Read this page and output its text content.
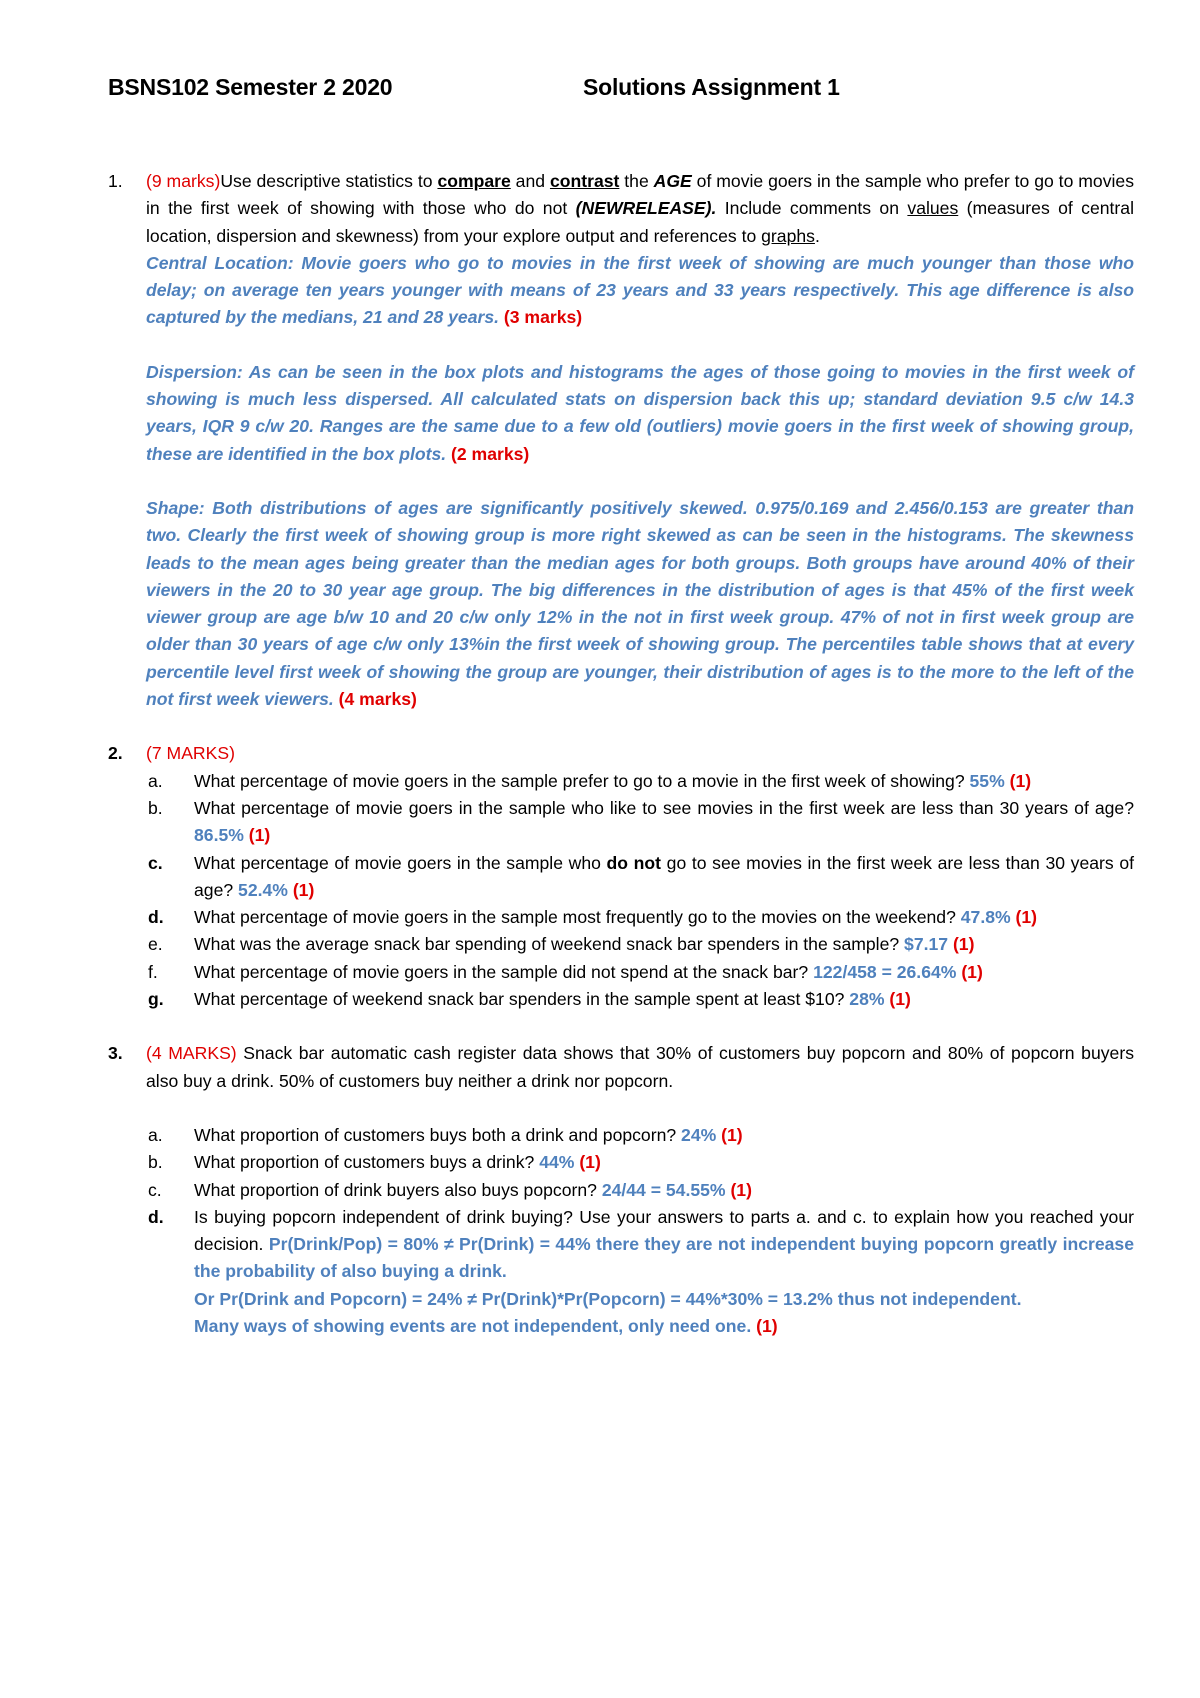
BSNS102 Semester 2 2020	Solutions Assignment 1
1. (9 marks)Use descriptive statistics to compare and contrast the AGE of movie goers in the sample who prefer to go to movies in the first week of showing with those who do not (NEWRELEASE). Include comments on values (measures of central location, dispersion and skewness) from your explore output and references to graphs.

Central Location: Movie goers who go to movies in the first week of showing are much younger than those who delay; on average ten years younger with means of 23 years and 33 years respectively. This age difference is also captured by the medians, 21 and 28 years. (3 marks)

Dispersion: As can be seen in the box plots and histograms the ages of those going to movies in the first week of showing is much less dispersed. All calculated stats on dispersion back this up; standard deviation 9.5 c/w 14.3 years, IQR 9 c/w 20. Ranges are the same due to a few old (outliers) movie goers in the first week of showing group, these are identified in the box plots. (2 marks)

Shape: Both distributions of ages are significantly positively skewed. 0.975/0.169 and 2.456/0.153 are greater than two. Clearly the first week of showing group is more right skewed as can be seen in the histograms. The skewness leads to the mean ages being greater than the median ages for both groups. Both groups have around 40% of their viewers in the 20 to 30 year age group. The big differences in the distribution of ages is that 45% of the first week viewer group are age b/w 10 and 20 c/w only 12% in the not in first week group. 47% of not in first week group are older than 30 years of age c/w only 13%in the first week of showing group. The percentiles table shows that at every percentile level first week of showing the group are younger, their distribution of ages is to the more to the left of the not first week viewers. (4 marks)

2. (7 MARKS)

a. What percentage of movie goers in the sample prefer to go to a movie in the first week of showing? 55% (1)
b. What percentage of movie goers in the sample who like to see movies in the first week are less than 30 years of age? 86.5% (1)
c. What percentage of movie goers in the sample who do not go to see movies in the first week are less than 30 years of age? 52.4% (1)
d. What percentage of movie goers in the sample most frequently go to the movies on the weekend? 47.8% (1)
e. What was the average snack bar spending of weekend snack bar spenders in the sample? $7.17 (1)
f. What percentage of movie goers in the sample did not spend at the snack bar? 122/458 = 26.64% (1)
g. What percentage of weekend snack bar spenders in the sample spent at least $10? 28% (1)
3. (4 MARKS) Snack bar automatic cash register data shows that 30% of customers buy popcorn and 80% of popcorn buyers also buy a drink. 50% of customers buy neither a drink nor popcorn.

a. What proportion of customers buys both a drink and popcorn? 24% (1)
b. What proportion of customers buys a drink? 44% (1)
c. What proportion of drink buyers also buys popcorn? 24/44 = 54.55% (1)
d. Is buying popcorn independent of drink buying? Use your answers to parts a. and c. to explain how you reached your decision. Pr(Drink/Pop) = 80% ≠ Pr(Drink) = 44% there they are not independent buying popcorn greatly increase the probability of also buying a drink.
Or Pr(Drink and Popcorn) = 24% ≠ Pr(Drink)*Pr(Popcorn) = 44%*30% = 13.2% thus not independent.
Many ways of showing events are not independent, only need one. (1)
